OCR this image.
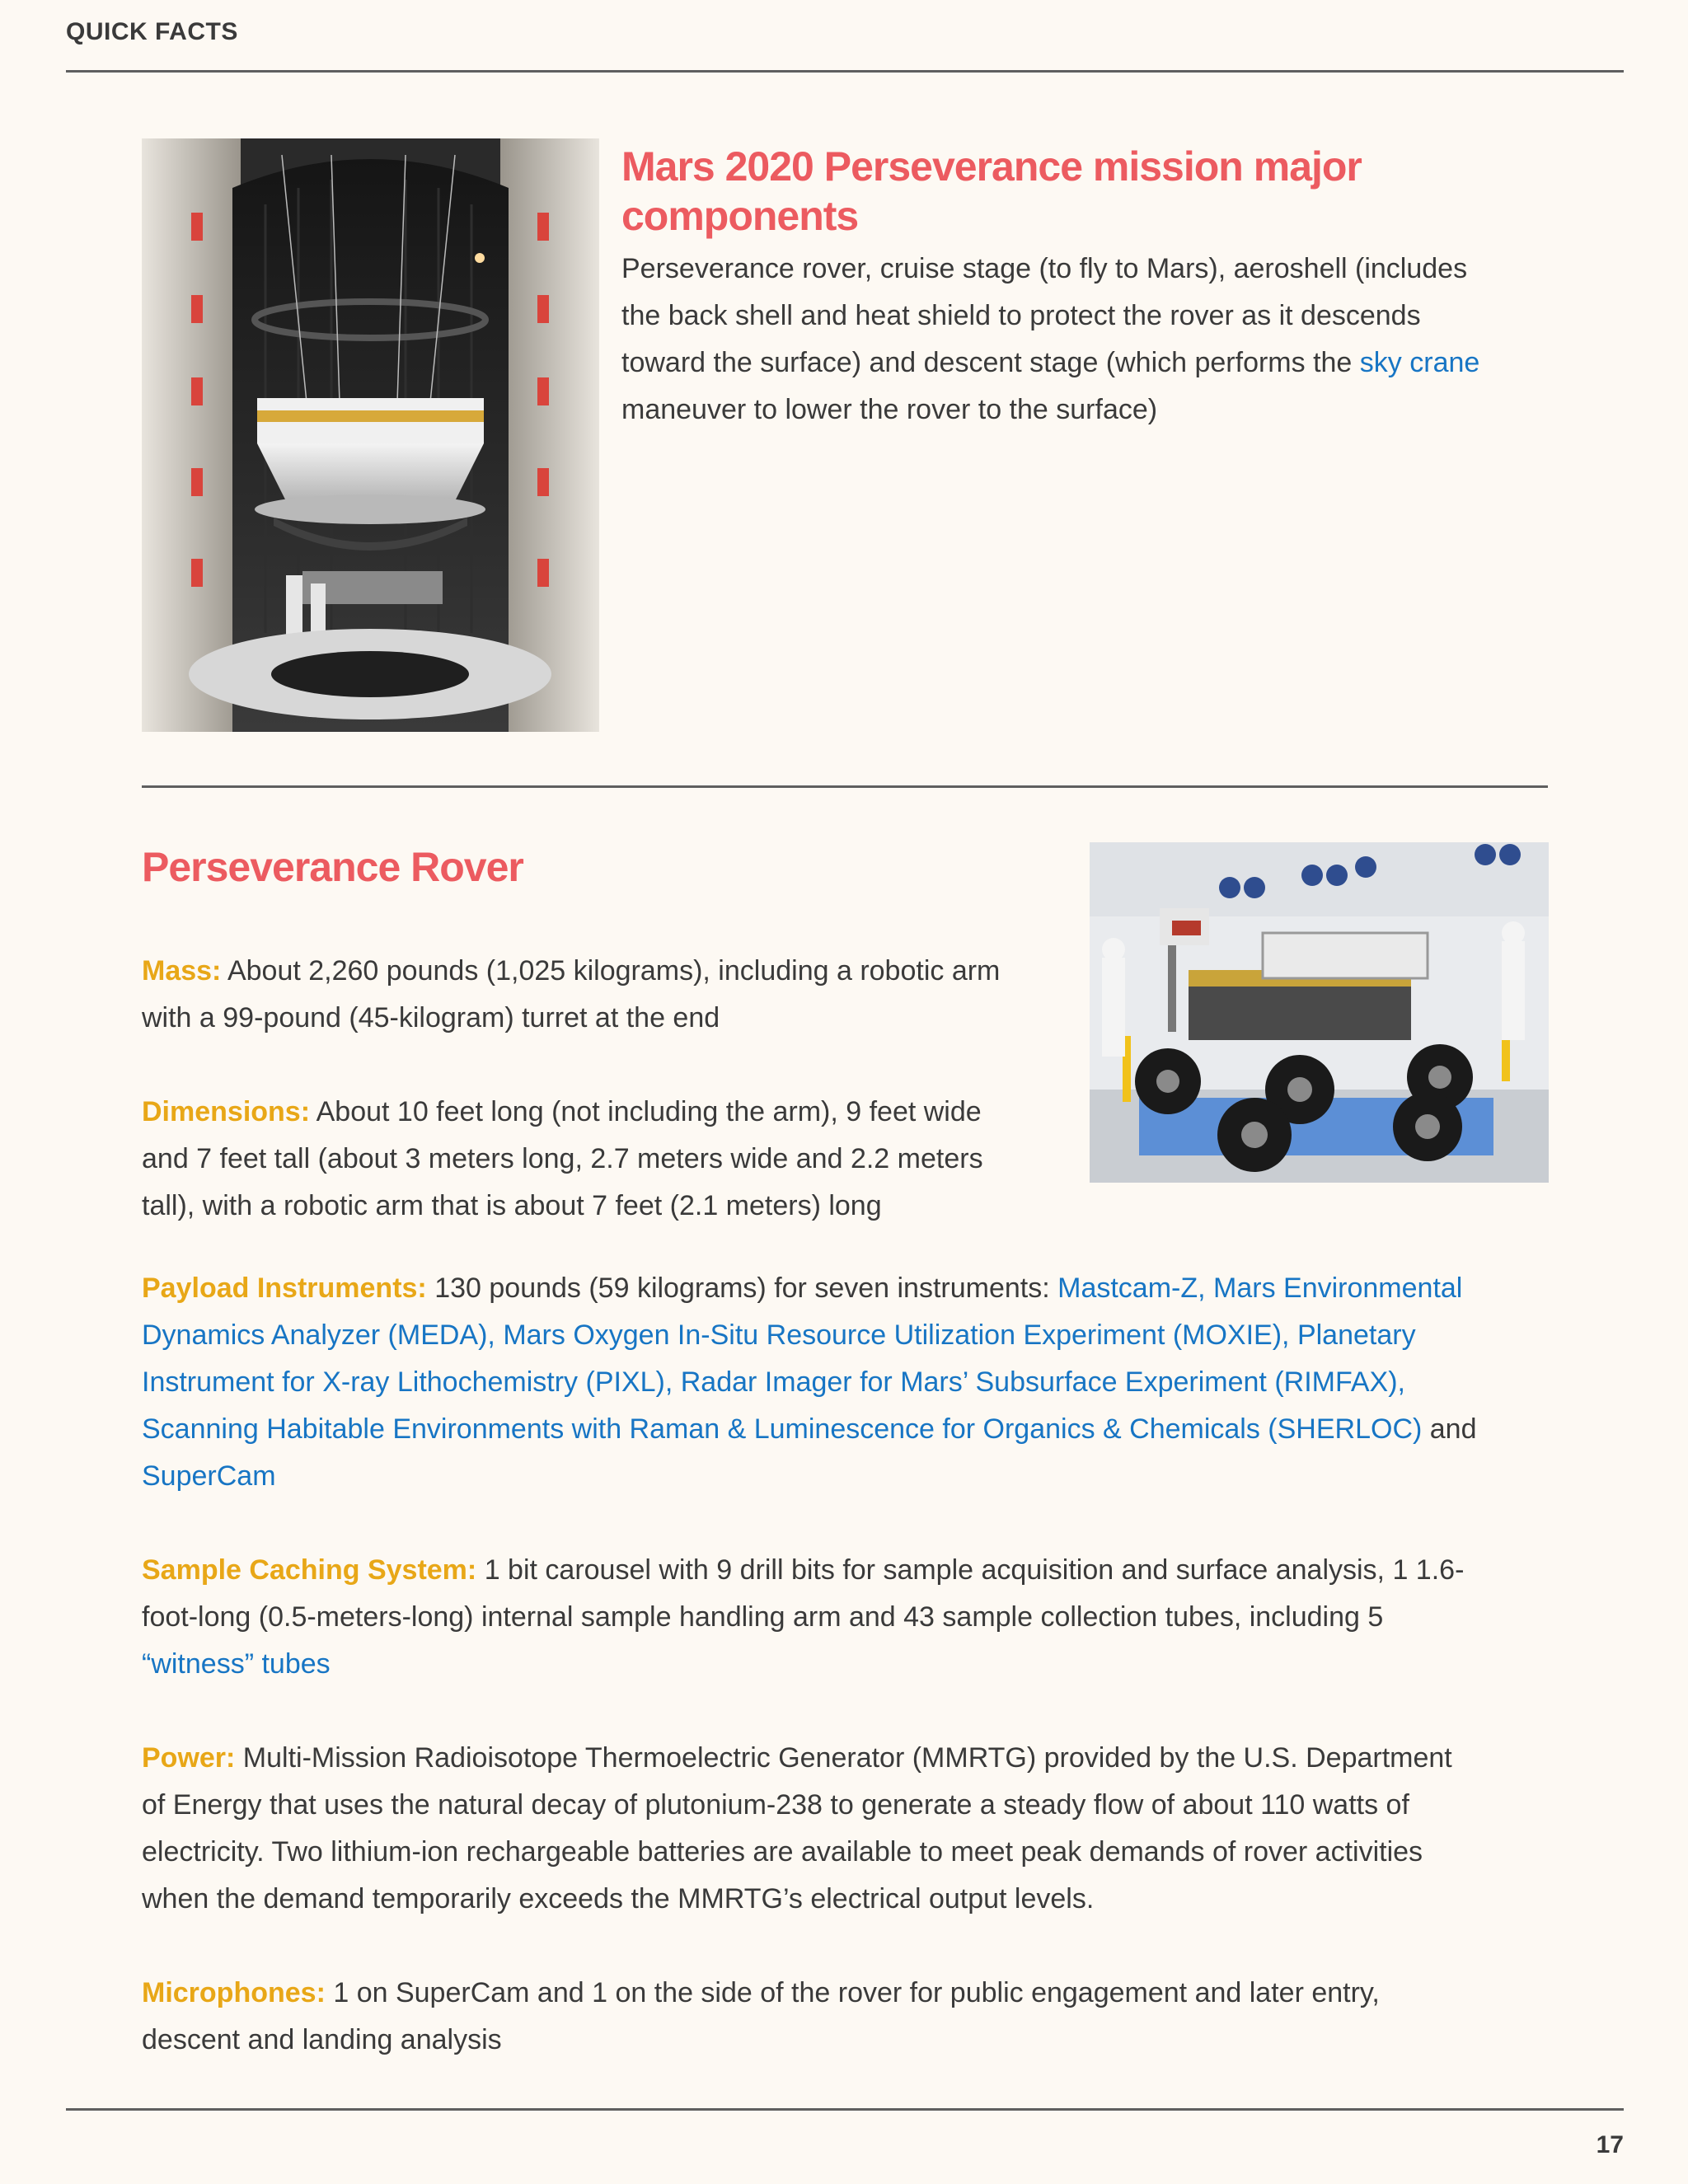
QUICK FACTS
Mars 2020 Perseverance mission major components

Perseverance rover, cruise stage (to fly to Mars), aeroshell (includes the back shell and heat shield to protect the rover as it descends toward the surface) and descent stage (which performs the sky crane maneuver to lower the rover to the surface)

Perseverance Rover

Mass: About 2,260 pounds (1,025 kilograms), including a robotic arm with a 99-pound (45-kilogram) turret at the end

Dimensions: About 10 feet long (not including the arm), 9 feet wide and 7 feet tall (about 3 meters long, 2.7 meters wide and 2.2 meters tall), with a robotic arm that is about 7 feet (2.1 meters) long

Payload Instruments: 130 pounds (59 kilograms) for seven instruments: Mastcam-Z, Mars Environmental Dynamics Analyzer (MEDA), Mars Oxygen In-Situ Resource Utilization Experiment (MOXIE), Planetary Instrument for X-ray Lithochemistry (PIXL), Radar Imager for Mars’ Subsurface Experiment (RIMFAX), Scanning Habitable Environments with Raman & Luminescence for Organics & Chemicals (SHERLOC) and SuperCam

Sample Caching System: 1 bit carousel with 9 drill bits for sample acquisition and surface analysis, 1 1.6-foot-long (0.5-meters-long) internal sample handling arm and 43 sample collection tubes, including 5 “witness” tubes

Power: Multi-Mission Radioisotope Thermoelectric Generator (MMRTG) provided by the U.S. Department of Energy that uses the natural decay of plutonium-238 to generate a steady flow of about 110 watts of electricity. Two lithium-ion rechargeable batteries are available to meet peak demands of rover activities when the demand temporarily exceeds the MMRTG’s electrical output levels.

Microphones: 1 on SuperCam and 1 on the side of the rover for public engagement and later entry, descent and landing analysis

17
